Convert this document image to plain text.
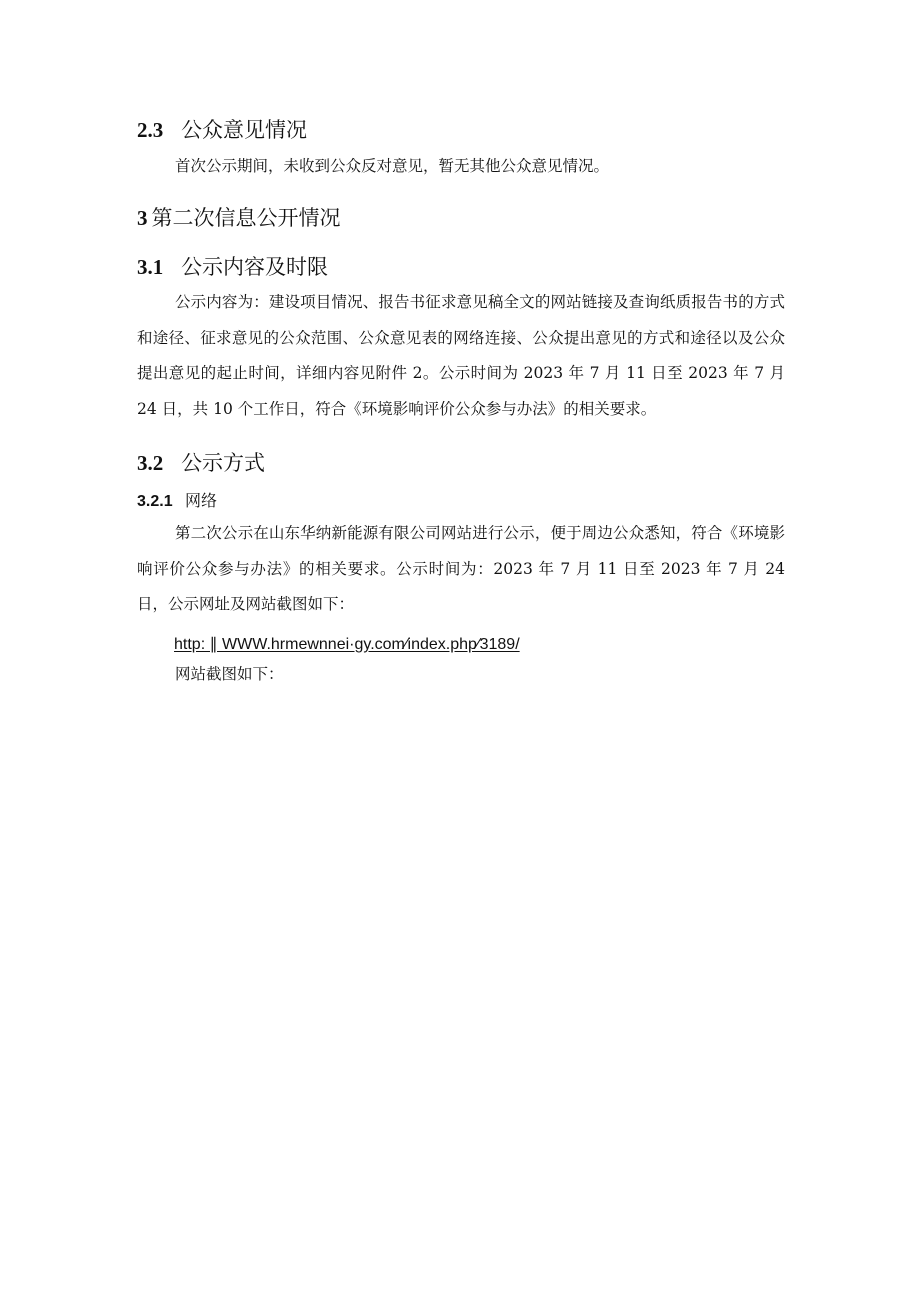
2.3 公众意见情况
首次公示期间，未收到公众反对意见，暂无其他公众意见情况。
3 第二次信息公开情况
3.1 公示内容及时限
公示内容为：建设项目情况、报告书征求意见稿全文的网站链接及查询纸质报告书的方式和途径、征求意见的公众范围、公众意见表的网络连接、公众提出意见的方式和途径以及公众提出意见的起止时间，详细内容见附件 2。公示时间为 2023 年 7 月 11 日至 2023 年 7 月 24 日，共 10 个工作日，符合《环境影响评价公众参与办法》的相关要求。
3.2 公示方式
3.2.1 网络
第二次公示在山东华纳新能源有限公司网站进行公示，便于周边公众悉知，符合《环境影响评价公众参与办法》的相关要求。公示时间为：2023 年 7 月 11 日至 2023 年 7 月 24 日，公示网址及网站截图如下：
http: ∥ WWW.hrmewnnei·gy.com∕index.php∕3189/
网站截图如下：
